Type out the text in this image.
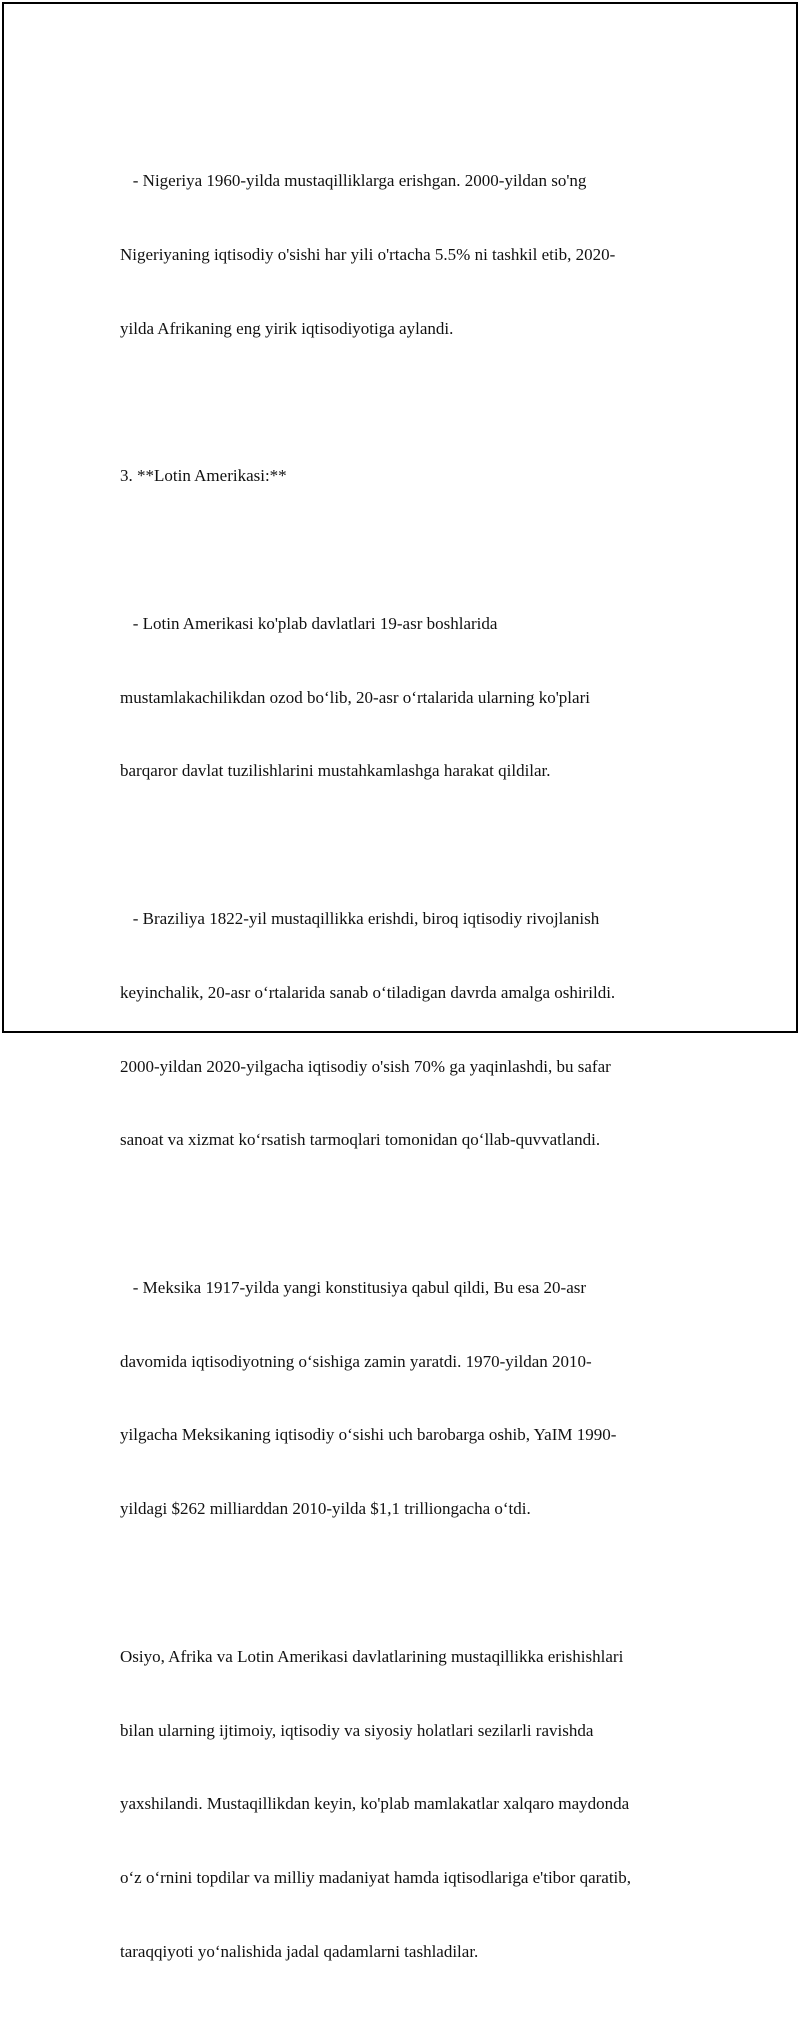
- Nigeriya 1960-yilda mustaqilliklarga erishgan. 2000-yildan so'ng

Nigeriyaning iqtisodiy o'sishi har yili o'rtacha 5.5% ni tashkil etib, 2020-

yilda Afrikaning eng yirik iqtisodiyotiga aylandi.

3. **Lotin Amerikasi:**

- Lotin Amerikasi ko'plab davlatlari 19-asr boshlarida

mustamlakachilikdan ozod bo‘lib, 20-asr o‘rtalarida ularning ko'plari

barqaror davlat tuzilishlarini mustahkamlashga harakat qildilar.

- Braziliya 1822-yil mustaqillikka erishdi, biroq iqtisodiy rivojlanish

keyinchalik, 20-asr o‘rtalarida sanab o‘tiladigan davrda amalga oshirildi.

2000-yildan 2020-yilgacha iqtisodiy o'sish 70% ga yaqinlashdi, bu safar

sanoat va xizmat ko‘rsatish tarmoqlari tomonidan qo‘llab-quvvatlandi.

- Meksika 1917-yilda yangi konstitusiya qabul qildi, Bu esa 20-asr

davomida iqtisodiyotning o‘sishiga zamin yaratdi. 1970-yildan 2010-

yilgacha Meksikaning iqtisodiy o‘sishi uch barobarga oshib, YaIM 1990-

yildagi $262 milliarddan 2010-yilda $1,1 trilliongacha o‘tdi.

Osiyo, Afrika va Lotin Amerikasi davlatlarining mustaqillikka erishishlari

bilan ularning ijtimoiy, iqtisodiy va siyosiy holatlari sezilarli ravishda

yaxshilandi. Mustaqillikdan keyin, ko'plab mamlakatlar xalqaro maydonda

o‘z o‘rnini topdilar va milliy madaniyat hamda iqtisodlariga e'tibor qaratib,

taraqqiyoti yo‘nalishida jadal qadamlarni tashladilar.
